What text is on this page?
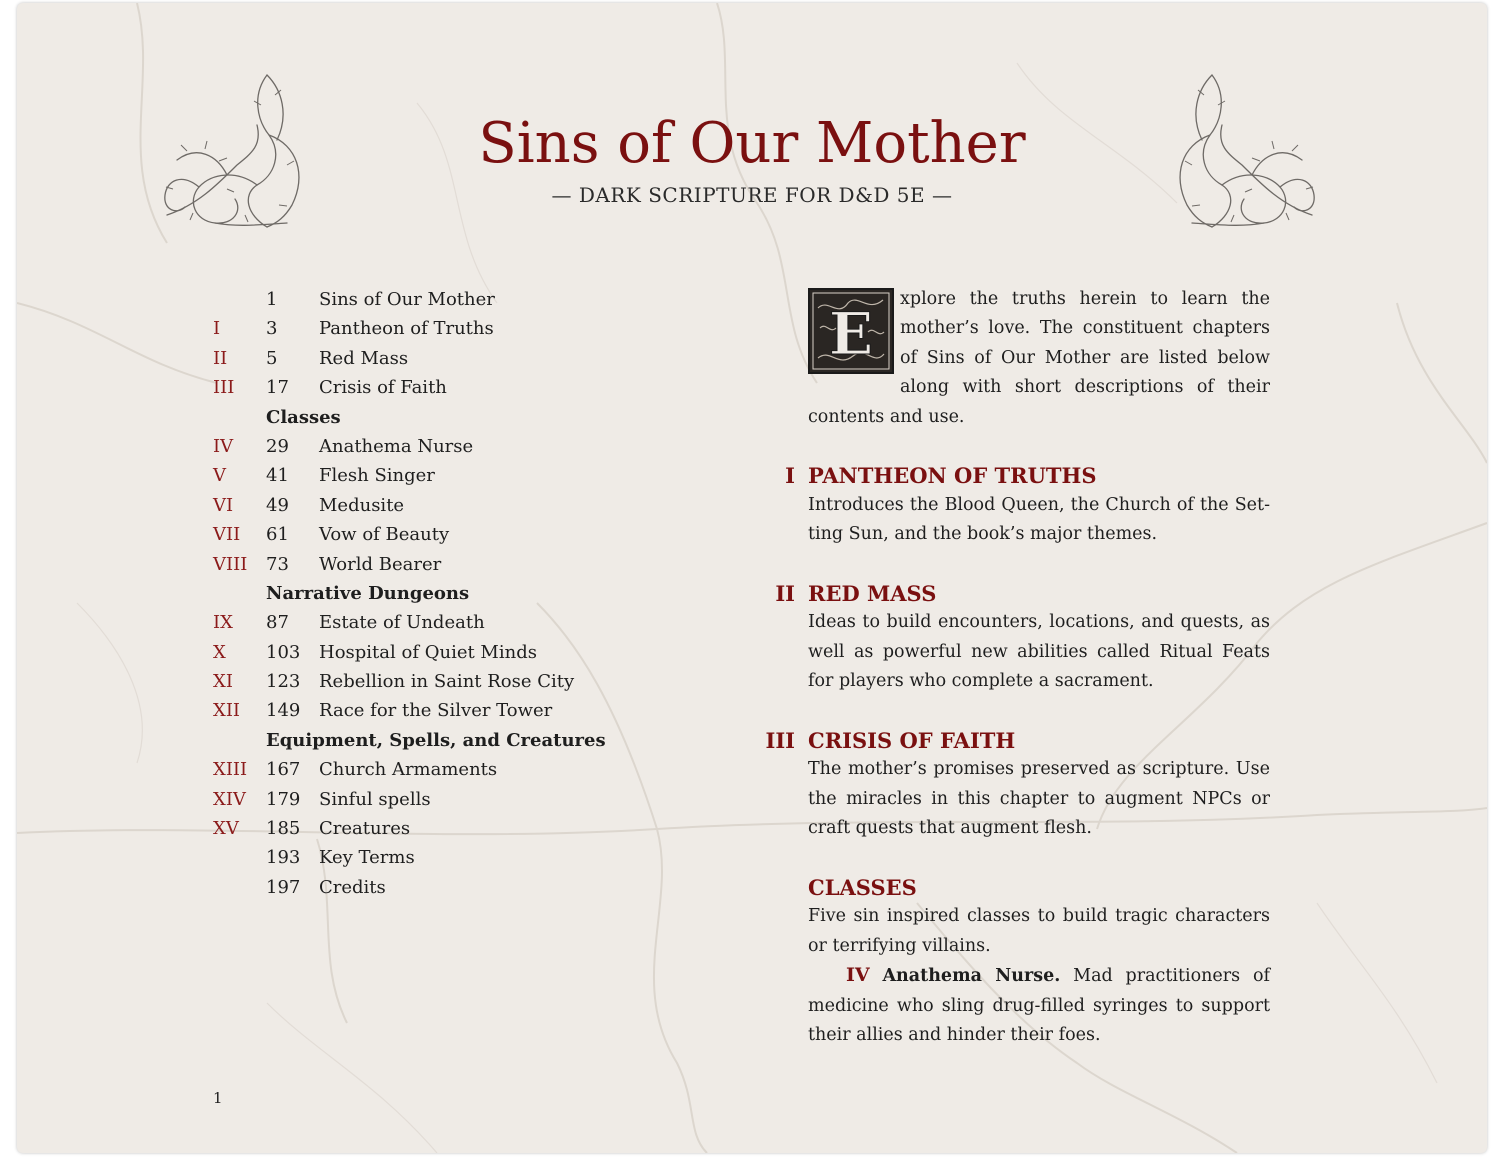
Sins of Our Mother
— DARK SCRIPTURE FOR D&D 5E —
1 Sins of Our Mother
I	3 Pantheon of Truths
II 5 Red Mass
III 17 Crisis of Faith
Classes
IV 29 Anathema Nurse
V 41 Flesh Singer
VI 49 Medusite
VII 61 Vow of Beauty
VIII 73 World Bearer
Narrative Dungeons
IX 87 Estate of Undeath
X 103 Hospital of Quiet Minds
XI 123 Rebellion in Saint Rose City
XII 149 Race for the Silver Tower
Equipment, Spells, and Creatures
XIII 167 Church Armaments
XIV 179 Sinful spells
XV 185 Creatures
193 Key Terms
197 Credits
1

E
xplore the truths herein to learn the mother’s love. The constituent chapters of Sins of Our Mother are listed below along with short descriptions of their contents and use.

I PANTHEON OF TRUTHS

Introduces the Blood Queen, the Church of the Setting Sun, and the book’s major themes.

II RED MASS

Ideas to build encounters, locations, and quests, as well as powerful new abilities called Ritual Feats for players who complete a sacrament.

III CRISIS OF FAITH

The mother’s promises preserved as scripture. Use the miracles in this chapter to augment NPCs or craft quests that augment flesh.

CLASSES

Five sin inspired classes to build tragic characters or terrifying villains.

IV Anathema Nurse. Mad practitioners of medicine who sling drug-filled syringes to support their allies and hinder their foes.
